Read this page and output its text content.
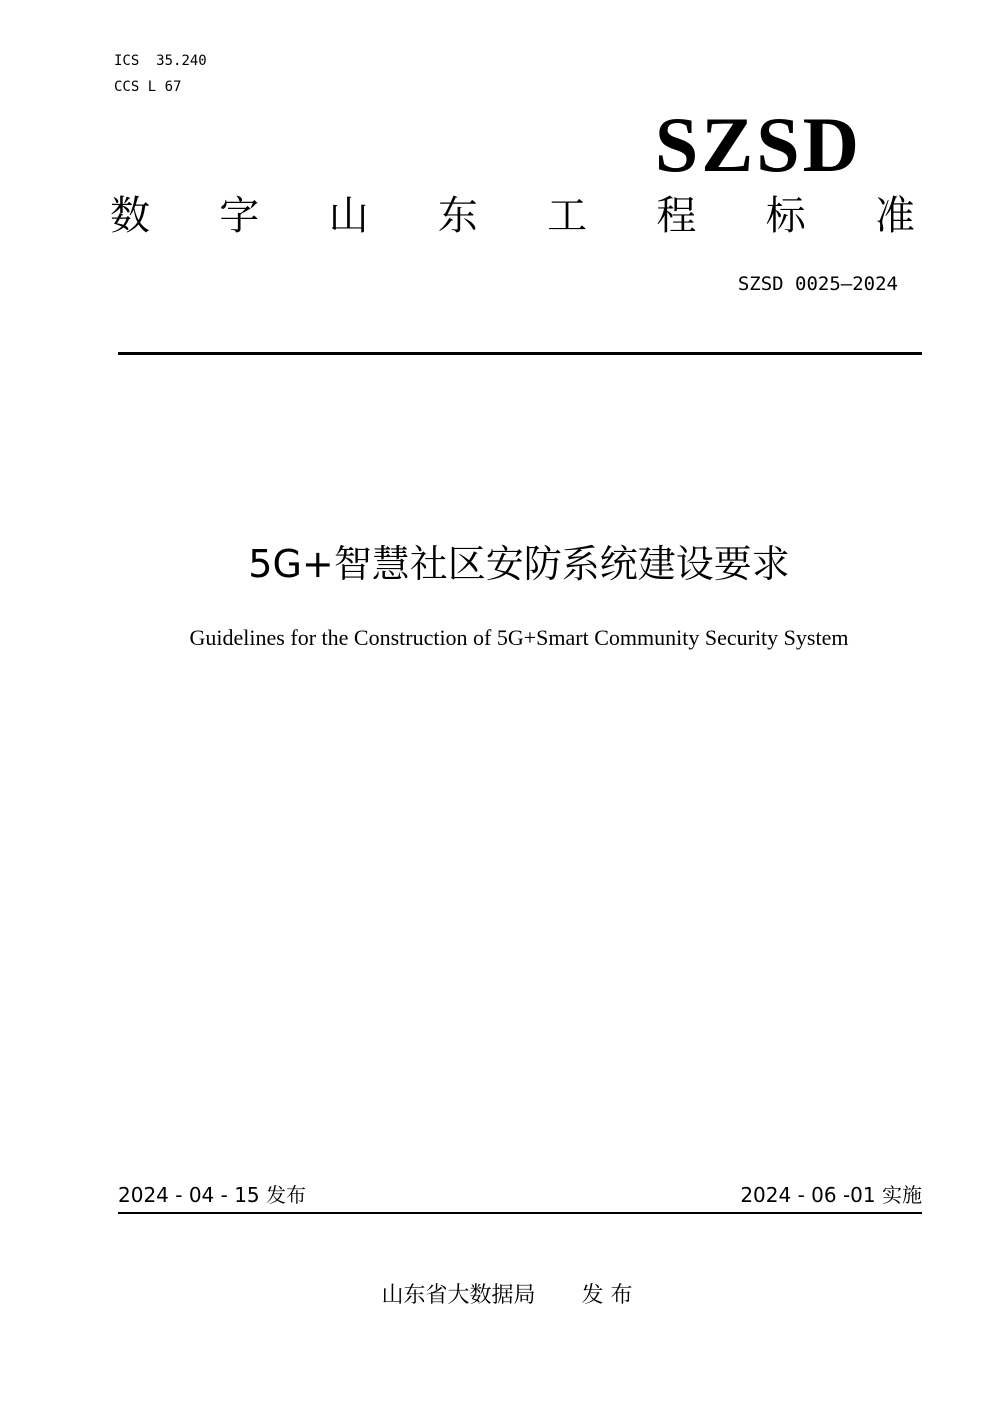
ICS 35.240
CCS L 67
SZSD
数 字 山 东 工 程 标 准
SZSD 0025—2024
5G+智慧社区安防系统建设要求
Guidelines for the Construction of 5G+Smart Community Security System
2024 - 04 - 15 发布	2024 - 06 -01 实施
山东省大数据局 发 布
